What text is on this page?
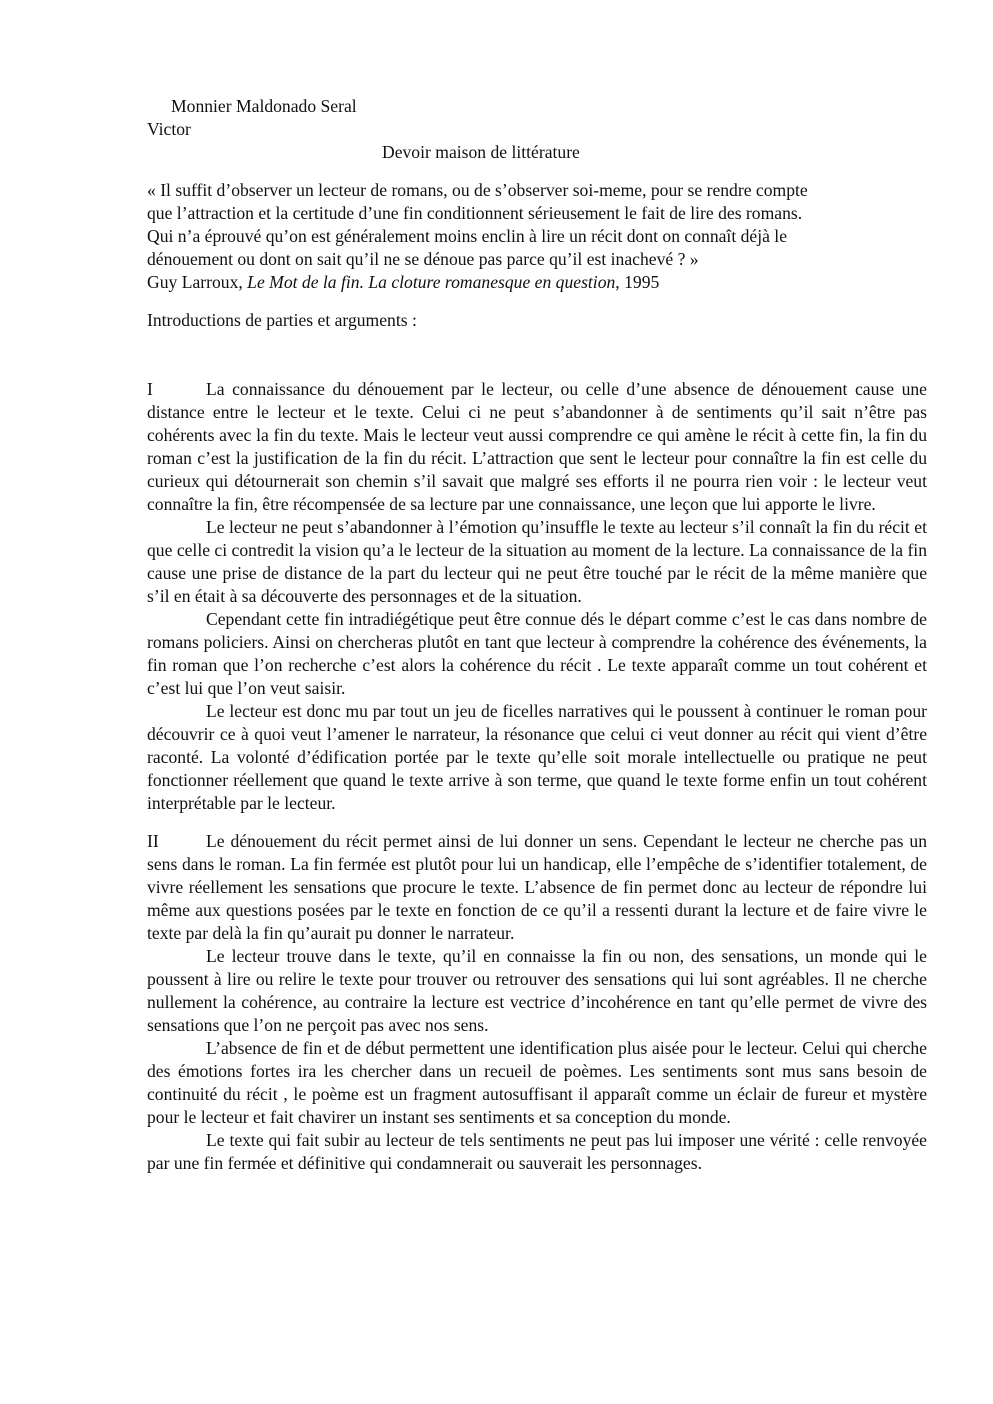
Monnier Maldonado Seral
Victor
Devoir maison de littérature
« Il suffit d’observer un lecteur de romans, ou de s’observer soi-meme, pour se rendre compte
que l’attraction et la certitude d’une fin conditionnent sérieusement le fait de lire des romans.
Qui n’a éprouvé qu’on est généralement moins enclin à lire un récit dont on connaît déjà le
dénouement ou dont on sait qu’il ne se dénoue pas parce qu’il est inachevé ? »
Guy Larroux, Le Mot de la fin. La cloture romanesque en question, 1995
Introductions de parties et arguments :

I	La connaissance du dénouement par le lecteur, ou celle d’une absence de dénouement cause une distance entre le lecteur et le texte. Celui ci ne peut s’abandonner à de sentiments qu’il sait n’être pas cohérents avec la fin du texte. Mais le lecteur veut aussi comprendre ce qui amène le récit à cette fin, la fin du roman c’est la justification de la fin du récit. L’attraction que sent le lecteur pour connaître la fin est celle du curieux qui détournerait son chemin s’il savait que malgré ses efforts il ne pourra rien voir : le lecteur veut connaître la fin, être récompensée de sa lecture par une connaissance, une leçon que lui apporte le livre.

Le lecteur ne peut s’abandonner à l’émotion qu’insuffle le texte au lecteur s’il connaît la fin du récit et que celle ci contredit la vision qu’a le lecteur de la situation au moment de la lecture. La connaissance de la fin cause une prise de distance de la part du lecteur qui ne peut être touché par le récit de la même manière que s’il en était à sa découverte des personnages et de la situation.

Cependant cette fin intradiégétique peut être connue dés le départ comme c’est le cas dans nombre de romans policiers. Ainsi on chercheras plutôt en tant que lecteur à comprendre la cohérence des événements, la fin roman que l’on recherche c’est alors la cohérence du récit . Le texte apparaît comme un tout cohérent et c’est lui que l’on veut saisir.

Le lecteur est donc mu par tout un jeu de ficelles narratives qui le poussent à continuer le roman pour découvrir ce à quoi veut l’amener le narrateur, la résonance que celui ci veut donner au récit qui vient d’être raconté. La volonté d’édification portée par le texte qu’elle soit morale intellectuelle ou pratique ne peut fonctionner réellement que quand le texte arrive à son terme, que quand le texte forme enfin un tout cohérent interprétable par le lecteur.

II	Le dénouement du récit permet ainsi de lui donner un sens. Cependant le lecteur ne cherche pas un sens dans le roman. La fin fermée est plutôt pour lui un handicap, elle l’empêche de s’identifier totalement, de vivre réellement les sensations que procure le texte. L’absence de fin permet donc au lecteur de répondre lui même aux questions posées par le texte en fonction de ce qu’il a ressenti durant la lecture et de faire vivre le texte par delà la fin qu’aurait pu donner le narrateur.

Le lecteur trouve dans le texte, qu’il en connaisse la fin ou non, des sensations, un monde qui le poussent à lire ou relire le texte pour trouver ou retrouver des sensations qui lui sont agréables. Il ne cherche nullement la cohérence, au contraire la lecture est vectrice d’incohérence en tant qu’elle permet de vivre des sensations que l’on ne perçoit pas avec nos sens.

L’absence de fin et de début permettent une identification plus aisée pour le lecteur. Celui qui cherche des émotions fortes ira les chercher dans un recueil de poèmes. Les sentiments sont mus sans besoin de continuité du récit , le poème est un fragment autosuffisant il apparaît comme un éclair de fureur et mystère pour le lecteur et fait chavirer un instant ses sentiments et sa conception du monde.

Le texte qui fait subir au lecteur de tels sentiments ne peut pas lui imposer une vérité : celle renvoyée par une fin fermée et définitive qui condamnerait ou sauverait les personnages.
